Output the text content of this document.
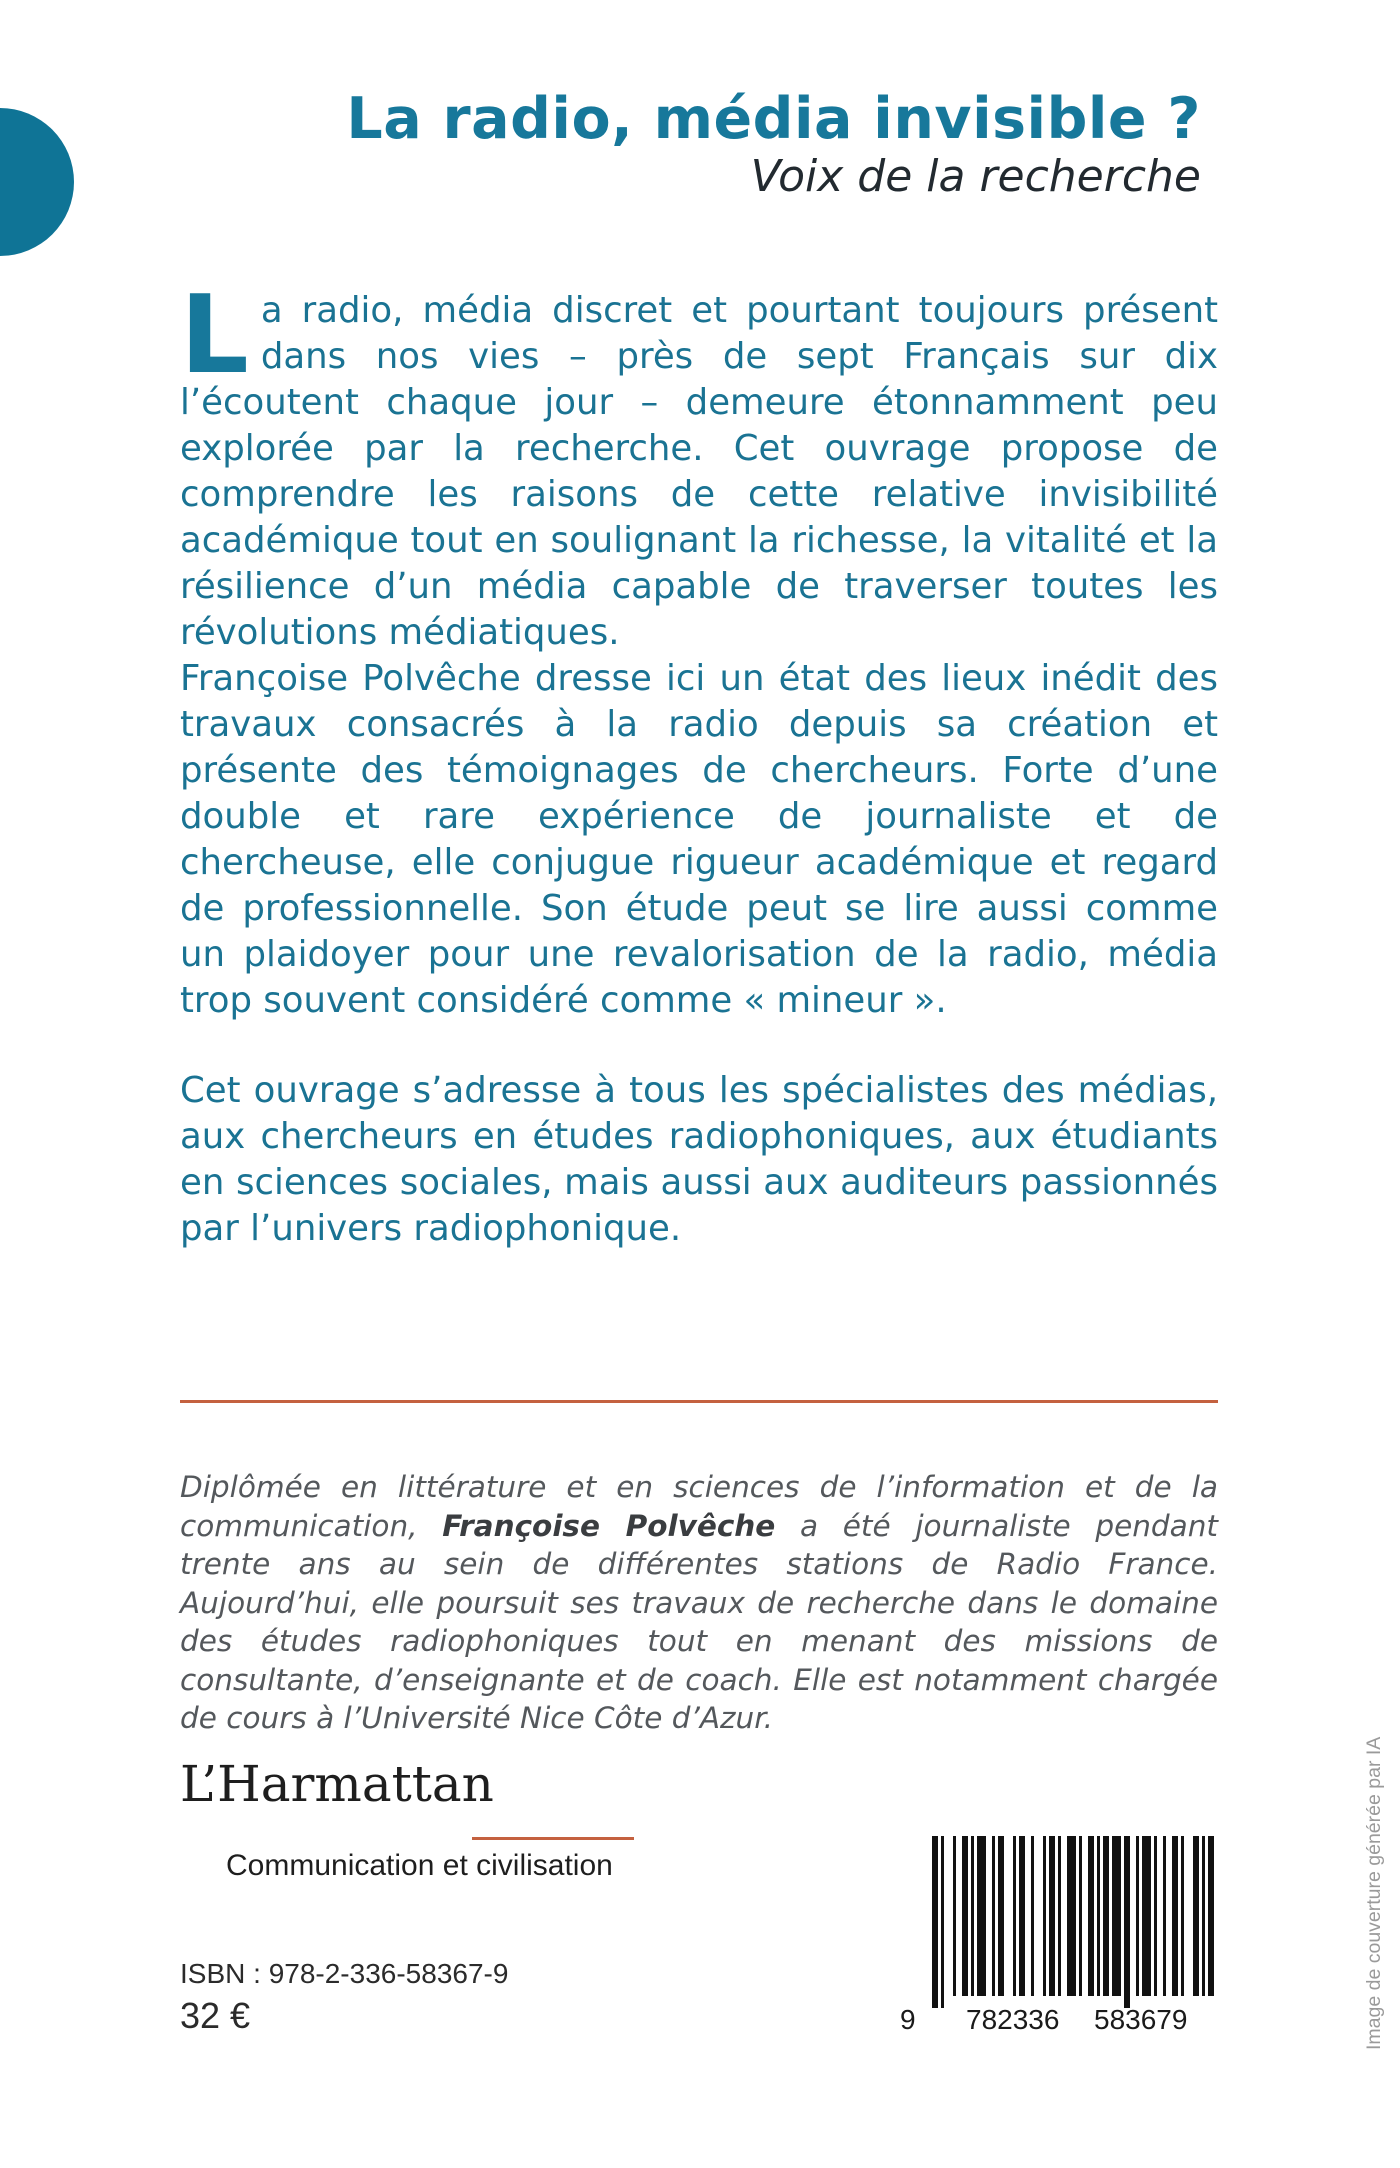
La radio, média invisible ?
Voix de la recherche

La radio, média discret et pourtant toujours présent dans nos vies – près de sept Français sur dix l’écoutent chaque jour – demeure étonnamment peu explorée par la recherche. Cet ouvrage propose de comprendre les raisons de cette relative invisibilité académique tout en soulignant la richesse, la vitalité et la résilience d’un média capable de traverser toutes les révolutions médiatiques.

Françoise Polvêche dresse ici un état des lieux inédit des travaux consacrés à la radio depuis sa création et présente des témoignages de chercheurs. Forte d’une double et rare expérience de journaliste et de chercheuse, elle conjugue rigueur académique et regard de professionnelle. Son étude peut se lire aussi comme un plaidoyer pour une revalorisation de la radio, média trop souvent considéré comme « mineur ».

Cet ouvrage s’adresse à tous les spécialistes des médias, aux chercheurs en études radiophoniques, aux étudiants en sciences sociales, mais aussi aux auditeurs passionnés par l’univers radiophonique.

Diplômée en littérature et en sciences de l’information et de la communication, Françoise Polvêche a été journaliste pendant trente ans au sein de différentes stations de Radio France. Aujourd’hui, elle poursuit ses travaux de recherche dans le domaine des études radiophoniques tout en menant des missions de consultante, d’enseignante et de coach. Elle est notamment chargée de cours à l’Université Nice Côte d’Azur.

L’Harmattan
Communication et civilisation
ISBN : 978-2-336-58367-9
32 €	9 782336 583679	Image de couverture générée par IA
